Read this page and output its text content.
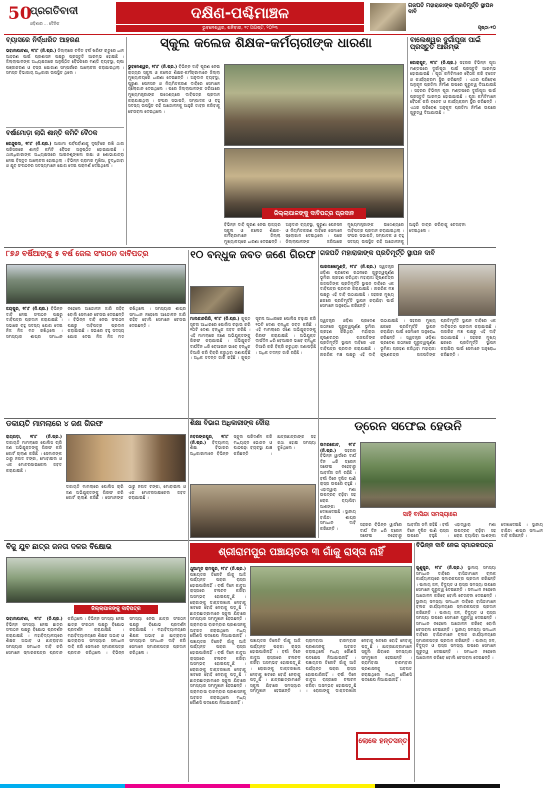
50
ପ୍ରଗତିବାଦୀ
ଓଡ଼ିଶାର ... ଦୈନିକ
ଦକ୍ଷିଣ-ପଶ୍ଚିମାଞ୍ଚଳ
ଭୁବନେଶ୍ୱର, ଶନିବାର, ୧୯ ଅଗଷ୍ଟ, ୨୦୨୩
ଗଜପତି ମହାରାଜାଙ୍କ ପ୍ରତିମୂର୍ତ୍ତି ସ୍ଥାପନ ଦାବି
ପୃଷ୍ଠା-୧୦
ବ୍ୟାସରେ ନିର୍ଦ୍ଧାରିତ ଆହରଣ
ଭବାନୀପାଟଣା, ୧୮ା୮ (ନି.ପ୍ର.) ଜିଲ୍ଲାରେ ଚଳିତ ବର୍ଷ ଖରିଫ ଋତୁରେ ଧାନ ଆହରଣ ପାଇଁ ପ୍ରଶାସନ ପକ୍ଷରୁ ପ୍ରସ୍ତୁତି ଆରମ୍ଭ ହୋଇଛି । ଜିଲ୍ଲାପାଳଙ୍କ ଅଧ୍ୟକ୍ଷତାରେ ଅନୁଷ୍ଠିତ ବୈଠକରେ ମଣ୍ଡି ବ୍ୟବସ୍ଥା, ଚାଷୀ ପଞ୍ଜୀକରଣ ଓ ବସ୍ତା ଯୋଗାଣ ସମ୍ପର୍କରେ ଆଲୋଚନା କରାଯାଇଥିଲା । ସମସ୍ତ ବିଭାଗୀୟ ଅଧିକାରୀ ଉପସ୍ଥିତ ଥିଲେ ।
ବର୍ଷାମୋଡ଼ା ଲାଗି ଶାନ୍ତି କମିଟି ବୈଠକ
କେନ୍ଦୁପଦା, ୧୮ା୮ (ନି.ପ୍ର.) ଆଗାମୀ ପର୍ବପର୍ବାଣୀକୁ ଦୃଷ୍ଟିରେ ରଖି ଥାନା ପରିସରରେ ଶାନ୍ତି କମିଟି ବୈଠକ ଅନୁଷ୍ଠିତ ହୋଇଯାଇଛି । ଥାନାଧିକାରୀଙ୍କ ଅଧ୍ୟକ୍ଷତାରେ ଆଇନଶୃଙ୍ଖଳା ରକ୍ଷା ଓ ଶୋଭାଯାତ୍ରା ନେଇ ବିସ୍ତୃତ ଆଲୋଚନା ହୋଇଥିଲା । ବିଭିନ୍ନ ଗ୍ରାମର ମୁଖିଆ, ବୁଦ୍ଧିଜୀବୀ ଓ ଯୁବ ସଂଗଠନର ସଦସ୍ୟମାନେ ଯୋଗ ଦେଇ ପରାମର୍ଶ ଦେଇଥିଲେ ।
ସ୍କୁଲ କଲେଜ ଶିକ୍ଷକ-କର୍ମଚାରୀଙ୍କ ଧାରଣା
ଭୁବନେଶ୍ୱର, ୧୮ା୮ (ନି.ପ୍ର.) ବିଭିନ୍ନ ଦାବି ପୂରଣ ନେଇ ରାଜ୍ୟର ସ୍କୁଲ ଓ କଲେଜ ଶିକ୍ଷକ-କର୍ମଚାରୀମାନେ ଜିଲ୍ଲା ମୁଖ୍ୟାଳୟରେ ଧାରଣା ଦେଇଛନ୍ତି । ଅନୁଦାନ ବ୍ୟବସ୍ଥା, ପୁରୁଣା ପେନସନ ଓ ନିୟମିତକରଣ ଦାବିରେ ସେମାନେ ସ୍ଲୋଗାନ ଦେଇଥିଲେ । ପରେ ଜିଲ୍ଲାପାଳଙ୍କ ଜରିଆରେ ମୁଖ୍ୟମନ୍ତ୍ରୀଙ୍କ ଉଦ୍ଦେଶ୍ୟରେ ଦାବିପତ୍ର ପ୍ରଦାନ କରାଯାଇଥିଲା । ସଂଘର ସଭାପତି, ସମ୍ପାଦକ ଓ ବହୁ ସଦସ୍ୟ ଉପସ୍ଥିତ ରହି ଆନ୍ଦୋଳନକୁ ଆହୁରି ତୀବ୍ର କରିବାକୁ ଚେତାବନୀ ଦେଇଥିଲେ ।
ଜିଲ୍ଲାପାଳଙ୍କୁ ଦାବିପତ୍ର ପ୍ରଦାନ
ବିଭିନ୍ନ ଦାବି ପୂରଣ ନେଇ ରାଜ୍ୟର ସ୍କୁଲ ଓ କଲେଜ ଶିକ୍ଷକ-କର୍ମଚାରୀମାନେ ଜିଲ୍ଲା ମୁଖ୍ୟାଳୟରେ ଧାରଣା ଦେଇଛନ୍ତି । ଅନୁଦାନ ବ୍ୟବସ୍ଥା, ପୁରୁଣା ପେନସନ ଓ ନିୟମିତକରଣ ଦାବିରେ ସେମାନେ ସ୍ଲୋଗାନ ଦେଇଥିଲେ । ପରେ ଜିଲ୍ଲାପାଳଙ୍କ ଜରିଆରେ ମୁଖ୍ୟମନ୍ତ୍ରୀଙ୍କ ଉଦ୍ଦେଶ୍ୟରେ ଦାବିପତ୍ର ପ୍ରଦାନ କରାଯାଇଥିଲା । ସଂଘର ସଭାପତି, ସମ୍ପାଦକ ଓ ବହୁ ସଦସ୍ୟ ଉପସ୍ଥିତ ରହି ଆନ୍ଦୋଳନକୁ ଆହୁରି ତୀବ୍ର କରିବାକୁ ଚେତାବନୀ ଦେଇଥିଲେ ।
ବାଲେଶ୍ୱର ଦୁର୍ଗାପୂଜା ପାଇଁ ପ୍ରସ୍ତୁତି ଆରମ୍ଭ
କୋରାପୁଟ, ୧୮ା୮ (ନି.ପ୍ର.) ସହରର ବିଭିନ୍ନ ପୂଜା ମଣ୍ଡପରେ ଦୁର୍ଗାପୂଜା ପାଇଁ ପ୍ରସ୍ତୁତି ଆରମ୍ଭ ହୋଇଯାଇଛି । ପୂଜା କମିଟିମାନେ ବୈଠକ କରି ବଜେଟ ଓ କାର୍ଯ୍ୟକ୍ରମ ସ୍ଥିର କରିଛନ୍ତି । ଏଥର ପରିବେଶ ଅନୁକୂଳ ପ୍ରତିମା ନିର୍ମାଣ ଉପରେ ଗୁରୁତ୍ୱ ଦିଆଯାଉଛି । ସହରର ବିଭିନ୍ନ ପୂଜା ମଣ୍ଡପରେ ଦୁର୍ଗାପୂଜା ପାଇଁ ପ୍ରସ୍ତୁତି ଆରମ୍ଭ ହୋଇଯାଇଛି । ପୂଜା କମିଟିମାନେ ବୈଠକ କରି ବଜେଟ ଓ କାର୍ଯ୍ୟକ୍ରମ ସ୍ଥିର କରିଛନ୍ତି । ଏଥର ପରିବେଶ ଅନୁକୂଳ ପ୍ରତିମା ନିର୍ମାଣ ଉପରେ ଗୁରୁତ୍ୱ ଦିଆଯାଉଛି ।
୮୭୬ ବର୍ଷିଆଙ୍କୁ ୫ ବର୍ଷ ଜେଲ ସଂଗଠନ ଦାବିପତ୍ର
ଜୟପୁର, ୧୮ା୮ (ନି.ପ୍ର.) ବିଭିନ୍ନ ଦାବି ନେଇ ସଂଗଠନ ପକ୍ଷରୁ ଦାବିପତ୍ର ପ୍ରଦାନ କରାଯାଇଛି । ସଭାରେ ବହୁ ସଦସ୍ୟ ଯୋଗ ଦେଇ ନିଜ ନିଜ ମତ ରଖିଥିଲେ । ସମସ୍ୟାର ଶୀଘ୍ର ସମାଧାନ ନହେଲେ ଆନ୍ଦୋଳନ ଜାରି ରହିବ ବୋଲି ସେମାନେ ଚେତାଇ ଦେଇଛନ୍ତି । ବିଭିନ୍ନ ଦାବି ନେଇ ସଂଗଠନ ପକ୍ଷରୁ ଦାବିପତ୍ର ପ୍ରଦାନ କରାଯାଇଛି । ସଭାରେ ବହୁ ସଦସ୍ୟ ଯୋଗ ଦେଇ ନିଜ ନିଜ ମତ ରଖିଥିଲେ । ସମସ୍ୟାର ଶୀଘ୍ର ସମାଧାନ ନହେଲେ ଆନ୍ଦୋଳନ ଜାରି ରହିବ ବୋଲି ସେମାନେ ଚେତାଇ ଦେଇଛନ୍ତି ।
୧୦ ବନ୍ଧୁକ ଜବତ ଜଣେ ଗିରଫ
ମାଲକାନଗିରି, ୧୮ା୮ (ନି.ପ୍ର.) ଗୁପ୍ତ ସୂଚନା ଆଧାରରେ ପୋଲିସ ଚଢ଼ାଉ କରି ୧୦ଟି ଦେଶୀ ବନ୍ଧୁକ ଜବତ କରିଛି । ଏହି ମାମଲାରେ ଜଣେ ଅଭିଯୁକ୍ତଙ୍କୁ ଗିରଫ କରାଯାଇଛି । ଅଭିଯୁକ୍ତ ଦୀର୍ଘଦିନ ଧରି ବେଆଇନ ଭାବେ ବନ୍ଧୁକ ତିଆରି କରି ବିକ୍ରି କରୁଥିବା ଜଣାପଡ଼ିଛି । ଅଧିକ ତଦନ୍ତ ଜାରି ରହିଛି । ଗୁପ୍ତ ସୂଚନା ଆଧାରରେ ପୋଲିସ ଚଢ଼ାଉ କରି ୧୦ଟି ଦେଶୀ ବନ୍ଧୁକ ଜବତ କରିଛି । ଏହି ମାମଲାରେ ଜଣେ ଅଭିଯୁକ୍ତଙ୍କୁ ଗିରଫ କରାଯାଇଛି । ଅଭିଯୁକ୍ତ ଦୀର୍ଘଦିନ ଧରି ବେଆଇନ ଭାବେ ବନ୍ଧୁକ ତିଆରି କରି ବିକ୍ରି କରୁଥିବା ଜଣାପଡ଼ିଛି । ଅଧିକ ତଦନ୍ତ ଜାରି ରହିଛି ।
ଗଜପତି ମହାରାଜାଙ୍କ ପ୍ରତିମୂର୍ତ୍ତି ସ୍ଥାପନ ଦାବି
ପାରଳାଖେମୁଣ୍ଡି, ୧୮ା୮ (ନି.ପ୍ର.) ସ୍ୱତନ୍ତ୍ର ଓଡ଼ିଶା ପ୍ରଦେଶ ଗଠନରେ ଗୁରୁତ୍ୱପୂର୍ଣ୍ଣ ଭୂମିକା ଗ୍ରହଣ କରିଥିବା ମହାରାଜା କୃଷ୍ଣଚନ୍ଦ୍ର ଗଜପତିଙ୍କ ପ୍ରତିମୂର୍ତ୍ତି ସ୍ଥାପନ ଦାବିରେ ଏକ ଦାବିପତ୍ର ପ୍ରଦାନ କରାଯାଇଛି । ନାଗରିକ ମଞ୍ଚ ପକ୍ଷରୁ ଏହି ଦାବି ଉଠାଯାଇଛି । ସହରର ମୁଖ୍ୟ ଛକରେ ପ୍ରତିମୂର୍ତ୍ତି ସ୍ଥାପନ କରାଯିବା ପାଇଁ ସେମାନେ ଅନୁରୋଧ କରିଛନ୍ତି ।
ସ୍ୱତନ୍ତ୍ର ଓଡ଼ିଶା ପ୍ରଦେଶ ଗଠନରେ ଗୁରୁତ୍ୱପୂର୍ଣ୍ଣ ଭୂମିକା ଗ୍ରହଣ କରିଥିବା ମହାରାଜା କୃଷ୍ଣଚନ୍ଦ୍ର ଗଜପତିଙ୍କ ପ୍ରତିମୂର୍ତ୍ତି ସ୍ଥାପନ ଦାବିରେ ଏକ ଦାବିପତ୍ର ପ୍ରଦାନ କରାଯାଇଛି । ନାଗରିକ ମଞ୍ଚ ପକ୍ଷରୁ ଏହି ଦାବି ଉଠାଯାଇଛି । ସହରର ମୁଖ୍ୟ ଛକରେ ପ୍ରତିମୂର୍ତ୍ତି ସ୍ଥାପନ କରାଯିବା ପାଇଁ ସେମାନେ ଅନୁରୋଧ କରିଛନ୍ତି । ସ୍ୱତନ୍ତ୍ର ଓଡ଼ିଶା ପ୍ରଦେଶ ଗଠନରେ ଗୁରୁତ୍ୱପୂର୍ଣ୍ଣ ଭୂମିକା ଗ୍ରହଣ କରିଥିବା ମହାରାଜା କୃଷ୍ଣଚନ୍ଦ୍ର ଗଜପତିଙ୍କ ପ୍ରତିମୂର୍ତ୍ତି ସ୍ଥାପନ ଦାବିରେ ଏକ ଦାବିପତ୍ର ପ୍ରଦାନ କରାଯାଇଛି । ନାଗରିକ ମଞ୍ଚ ପକ୍ଷରୁ ଏହି ଦାବି ଉଠାଯାଇଛି । ସହରର ମୁଖ୍ୟ ଛକରେ ପ୍ରତିମୂର୍ତ୍ତି ସ୍ଥାପନ କରାଯିବା ପାଇଁ ସେମାନେ ଅନୁରୋଧ କରିଛନ୍ତି ।
ଡକାୟତି ମାମଲାରେ ୪ ଜଣ ଗିରଫ
ରାୟଗଡ଼ା, ୧୮ା୮ (ନି.ପ୍ର.) ଡକାୟତି ମାମଲାରେ ପୋଲିସ ଚାରି ଜଣ ଅଭିଯୁକ୍ତଙ୍କୁ ଗିରଫ କରି କୋର୍ଟ ଚାଲାଣ କରିଛି । ସେମାନଙ୍କ ଠାରୁ ନଗଦ ଟଙ୍କା, ମୋବାଇଲ ଓ ଏକ ମୋଟରସାଇକେଲ ଜବତ କରାଯାଇଛି ।
ଡକାୟତି ମାମଲାରେ ପୋଲିସ ଚାରି ଜଣ ଅଭିଯୁକ୍ତଙ୍କୁ ଗିରଫ କରି କୋର୍ଟ ଚାଲାଣ କରିଛି । ସେମାନଙ୍କ ଠାରୁ ନଗଦ ଟଙ୍କା, ମୋବାଇଲ ଓ ଏକ ମୋଟରସାଇକେଲ ଜବତ କରାଯାଇଛି ।
ଶିକ୍ଷା ବିଭାଗ ଅଧିକାରୀଙ୍କ ଦୌରା
ନବରଙ୍ଗପୁର, ୧୮ା୮ (ନି.ପ୍ର.) ବିଦ୍ୟାଳୟ ଶିକ୍ଷା ବିଭାଗର ଅଧିକାରୀମାନେ ବିଭିନ୍ନ ସ୍କୁଲ ପରିଦର୍ଶନ କରି ମଧ୍ୟାହ୍ନ ଭୋଜନ ଓ ପାଠପଢ଼ା ବ୍ୟବସ୍ଥା ଯାଞ୍ଚ କରିଛନ୍ତି । ଛାତ୍ରଛାତ୍ରୀଙ୍କ ସହ କଥା ହୋଇ ସମସ୍ୟା ବୁଝିଥିଲେ ।
ଡ୍ରେନ ସଫେଇ ହେଉନି
ଉମରକୋଟ, ୧୮ା୮ (ନି.ପ୍ର.) ସହରର ବିଭିନ୍ନ ୱାର୍ଡରେ ଦୀର୍ଘ ଦିନ ଧରି ଡ୍ରେନ ସଫେଇ ନହେବାରୁ ଆବର୍ଜନା ଜମି ରହିଛି । ବର୍ଷା ଦିନେ ଦୂଷିତ ପାଣି ରାସ୍ତା ଉପରେ ବହୁଛି । ଏହାଦ୍ୱାରା ମଶା ଉପଦ୍ରବ ବଢ଼ିବା ସହ ରୋଗ ବ୍ୟାପିବା ଆଶଙ୍କା ଦେଖାଦେଇଛି । ସ୍ଥାନୀୟ ବାସିନ୍ଦା ଶୀଘ୍ର ସମାଧାନ ଦାବି କରିଛନ୍ତି ।
ସାହି ବାସିନ୍ଦା ସମସ୍ୟାରେ
ସହରର ବିଭିନ୍ନ ୱାର୍ଡରେ ଦୀର୍ଘ ଦିନ ଧରି ଡ୍ରେନ ସଫେଇ ନହେବାରୁ ଆବର୍ଜନା ଜମି ରହିଛି । ବର୍ଷା ଦିନେ ଦୂଷିତ ପାଣି ରାସ୍ତା ଉପରେ ବହୁଛି । ଏହାଦ୍ୱାରା ମଶା ଉପଦ୍ରବ ବଢ଼ିବା ସହ ରୋଗ ବ୍ୟାପିବା ଆଶଙ୍କା ଦେଖାଦେଇଛି । ସ୍ଥାନୀୟ ବାସିନ୍ଦା ଶୀଘ୍ର ସମାଧାନ ଦାବି କରିଛନ୍ତି ।
ବିଜୁ ଯୁବ ଛାତ୍ର ଜନତା ଦଳର ବିକ୍ଷୋଭ
ଜିଲ୍ଲାପାଳଙ୍କୁ ଦାବିପତ୍ର
ଭବାନୀପାଟଣା, ୧୮ା୮ (ନି.ପ୍ର.) ବିଭିନ୍ନ ସମସ୍ୟା ନେଇ ଛାତ୍ର ସଂଗଠନ ପକ୍ଷରୁ ବିକ୍ଷୋଭ ପ୍ରଦର୍ଶନ କରାଯାଇଛି । ମହାବିଦ୍ୟାଳୟରେ ଶିକ୍ଷକ ଅଭାବ ଓ ଛାତ୍ରାବାସ ସମସ୍ୟାର ସମାଧାନ ଦାବି କରି ସେମାନେ ସ୍ମାରକପତ୍ର ପ୍ରଦାନ କରିଥିଲେ । ବିଭିନ୍ନ ସମସ୍ୟା ନେଇ ଛାତ୍ର ସଂଗଠନ ପକ୍ଷରୁ ବିକ୍ଷୋଭ ପ୍ରଦର୍ଶନ କରାଯାଇଛି । ମହାବିଦ୍ୟାଳୟରେ ଶିକ୍ଷକ ଅଭାବ ଓ ଛାତ୍ରାବାସ ସମସ୍ୟାର ସମାଧାନ ଦାବି କରି ସେମାନେ ସ୍ମାରକପତ୍ର ପ୍ରଦାନ କରିଥିଲେ । ବିଭିନ୍ନ ସମସ୍ୟା ନେଇ ଛାତ୍ର ସଂଗଠନ ପକ୍ଷରୁ ବିକ୍ଷୋଭ ପ୍ରଦର୍ଶନ କରାଯାଇଛି । ମହାବିଦ୍ୟାଳୟରେ ଶିକ୍ଷକ ଅଭାବ ଓ ଛାତ୍ରାବାସ ସମସ୍ୟାର ସମାଧାନ ଦାବି କରି ସେମାନେ ସ୍ମାରକପତ୍ର ପ୍ରଦାନ କରିଥିଲେ ।
ଶ୍ରୀରାମପୁର ପଞ୍ଚାୟତର ୩ ଗାଁକୁ ରାସ୍ତା ନାହିଁ
ଥୁଆମୂଳ ରାମପୁର, ୧୮ା୮ (ନି.ପ୍ର.) ପଞ୍ଚାୟତର ତିନୋଟି ଗାଁକୁ ଆଜି ପର୍ଯ୍ୟନ୍ତ ପକ୍କା ରାସ୍ତା ହୋଇପାରିନାହିଁ । ବର୍ଷା ଦିନେ କାଦୁଅ ରାସ୍ତାରେ ଚଳାଚଳ କରିବା ଅସମ୍ଭବ ହୋଇପଡ଼ୁଛି । ରୋଗୀଙ୍କୁ ଡାକ୍ତରଖାନା ନେବାକୁ ଖଟରେ ବୋହି ନେବାକୁ ପଡ଼ୁଛି । ଛାତ୍ରଛାତ୍ରୀମାନେ ସ୍କୁଲ ଯିବାରେ ସମସ୍ୟାର ସମ୍ମୁଖୀନ ହେଉଛନ୍ତି । ଗ୍ରାମବାସୀ ବାରମ୍ବାର ପ୍ରଶାସନକୁ ଅବଗତ କରାଇଥିଲେ ମଧ୍ୟ କୌଣସି ପଦକ୍ଷେପ ନିଆଯାଇନାହିଁ । ପଞ୍ଚାୟତର ତିନୋଟି ଗାଁକୁ ଆଜି ପର୍ଯ୍ୟନ୍ତ ପକ୍କା ରାସ୍ତା ହୋଇପାରିନାହିଁ । ବର୍ଷା ଦିନେ କାଦୁଅ ରାସ୍ତାରେ ଚଳାଚଳ କରିବା ଅସମ୍ଭବ ହୋଇପଡ଼ୁଛି । ରୋଗୀଙ୍କୁ ଡାକ୍ତରଖାନା ନେବାକୁ ଖଟରେ ବୋହି ନେବାକୁ ପଡ଼ୁଛି । ଛାତ୍ରଛାତ୍ରୀମାନେ ସ୍କୁଲ ଯିବାରେ ସମସ୍ୟାର ସମ୍ମୁଖୀନ ହେଉଛନ୍ତି । ଗ୍ରାମବାସୀ ବାରମ୍ବାର ପ୍ରଶାସନକୁ ଅବଗତ କରାଇଥିଲେ ମଧ୍ୟ କୌଣସି ପଦକ୍ଷେପ ନିଆଯାଇନାହିଁ ।
ପଞ୍ଚାୟତର ତିନୋଟି ଗାଁକୁ ଆଜି ପର୍ଯ୍ୟନ୍ତ ପକ୍କା ରାସ୍ତା ହୋଇପାରିନାହିଁ । ବର୍ଷା ଦିନେ କାଦୁଅ ରାସ୍ତାରେ ଚଳାଚଳ କରିବା ଅସମ୍ଭବ ହୋଇପଡ଼ୁଛି । ରୋଗୀଙ୍କୁ ଡାକ୍ତରଖାନା ନେବାକୁ ଖଟରେ ବୋହି ନେବାକୁ ପଡ଼ୁଛି । ଛାତ୍ରଛାତ୍ରୀମାନେ ସ୍କୁଲ ଯିବାରେ ସମସ୍ୟାର ସମ୍ମୁଖୀନ ହେଉଛନ୍ତି । ଗ୍ରାମବାସୀ ବାରମ୍ବାର ପ୍ରଶାସନକୁ ଅବଗତ କରାଇଥିଲେ ମଧ୍ୟ କୌଣସି ପଦକ୍ଷେପ ନିଆଯାଇନାହିଁ । ପଞ୍ଚାୟତର ତିନୋଟି ଗାଁକୁ ଆଜି ପର୍ଯ୍ୟନ୍ତ ପକ୍କା ରାସ୍ତା ହୋଇପାରିନାହିଁ । ବର୍ଷା ଦିନେ କାଦୁଅ ରାସ୍ତାରେ ଚଳାଚଳ କରିବା ଅସମ୍ଭବ ହୋଇପଡ଼ୁଛି । ରୋଗୀଙ୍କୁ ଡାକ୍ତରଖାନା ନେବାକୁ ଖଟରେ ବୋହି ନେବାକୁ ପଡ଼ୁଛି । ଛାତ୍ରଛାତ୍ରୀମାନେ ସ୍କୁଲ ଯିବାରେ ସମସ୍ୟାର ସମ୍ମୁଖୀନ ହେଉଛନ୍ତି । ଗ୍ରାମବାସୀ ବାରମ୍ବାର ପ୍ରଶାସନକୁ ଅବଗତ କରାଇଥିଲେ ମଧ୍ୟ କୌଣସି ପଦକ୍ଷେପ ନିଆଯାଇନାହିଁ ।
ଲୋକେ ହନ୍ତସନ୍ତ
ବିଭିନ୍ନ ଦାବି ନେଇ ସ୍ମାରକପତ୍ର
ଗୁଣୁପୁର, ୧୮ା୮ (ନି.ପ୍ର.) ସ୍ଥାନୀୟ ସମସ୍ୟା ସମାଧାନ ଦାବିରେ ବାସିନ୍ଦାମାନେ ବ୍ଲକ କାର୍ଯ୍ୟାଳୟରେ ସ୍ମାରକପତ୍ର ପ୍ରଦାନ କରିଛନ୍ତି । ପାନୀୟ ଜଳ, ବିଦ୍ୟୁତ ଓ ରାସ୍ତା ସମସ୍ୟା ଉପରେ ସେମାନେ ଗୁରୁତ୍ୱ ଦେଇଛନ୍ତି । ସମାଧାନ ନହେଲେ ଆନ୍ଦୋଳନ କରିବେ ବୋଲି ଚେତାବନୀ ଦେଇଛନ୍ତି । ସ୍ଥାନୀୟ ସମସ୍ୟା ସମାଧାନ ଦାବିରେ ବାସିନ୍ଦାମାନେ ବ୍ଲକ କାର୍ଯ୍ୟାଳୟରେ ସ୍ମାରକପତ୍ର ପ୍ରଦାନ କରିଛନ୍ତି । ପାନୀୟ ଜଳ, ବିଦ୍ୟୁତ ଓ ରାସ୍ତା ସମସ୍ୟା ଉପରେ ସେମାନେ ଗୁରୁତ୍ୱ ଦେଇଛନ୍ତି । ସମାଧାନ ନହେଲେ ଆନ୍ଦୋଳନ କରିବେ ବୋଲି ଚେତାବନୀ ଦେଇଛନ୍ତି । ସ୍ଥାନୀୟ ସମସ୍ୟା ସମାଧାନ ଦାବିରେ ବାସିନ୍ଦାମାନେ ବ୍ଲକ କାର୍ଯ୍ୟାଳୟରେ ସ୍ମାରକପତ୍ର ପ୍ରଦାନ କରିଛନ୍ତି । ପାନୀୟ ଜଳ, ବିଦ୍ୟୁତ ଓ ରାସ୍ତା ସମସ୍ୟା ଉପରେ ସେମାନେ ଗୁରୁତ୍ୱ ଦେଇଛନ୍ତି । ସମାଧାନ ନହେଲେ ଆନ୍ଦୋଳନ କରିବେ ବୋଲି ଚେତାବନୀ ଦେଇଛନ୍ତି ।
